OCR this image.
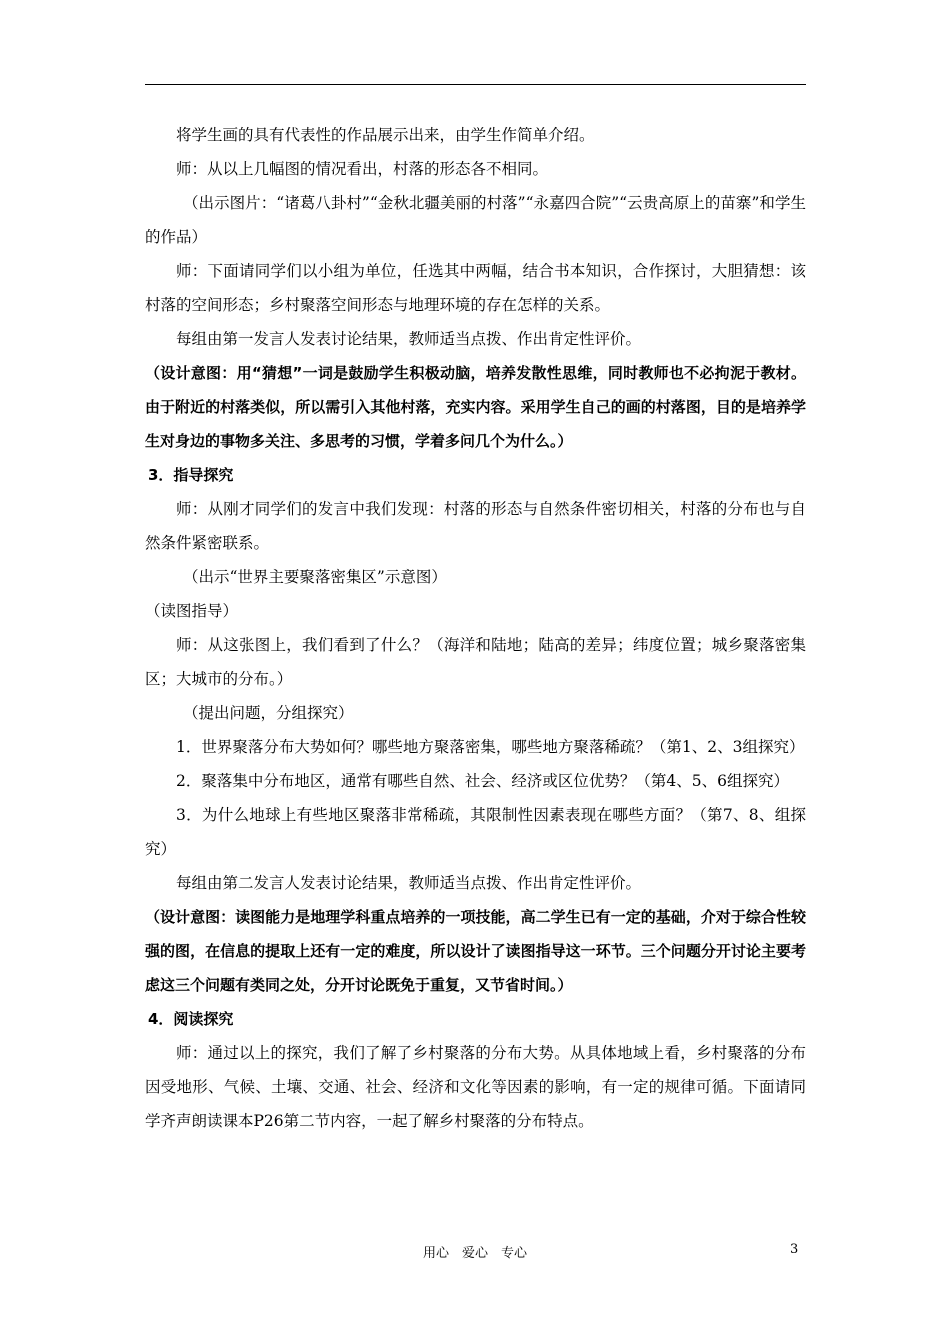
将学生画的具有代表性的作品展示出来，由学生作简单介绍。

师：从以上几幅图的情况看出，村落的形态各不相同。

（出示图片：“诸葛八卦村”“金秋北疆美丽的村落”“永嘉四合院”“云贵高原上的苗寨”和学生的作品）

师：下面请同学们以小组为单位，任选其中两幅，结合书本知识，合作探讨，大胆猜想：该村落的空间形态；乡村聚落空间形态与地理环境的存在怎样的关系。

每组由第一发言人发表讨论结果，教师适当点拨、作出肯定性评价。

（设计意图：用“猜想”一词是鼓励学生积极动脑，培养发散性思维，同时教师也不必拘泥于教材。由于附近的村落类似，所以需引入其他村落，充实内容。采用学生自己的画的村落图，目的是培养学生对身边的事物多关注、多思考的习惯，学着多问几个为什么。）

3．指导探究

师：从刚才同学们的发言中我们发现：村落的形态与自然条件密切相关，村落的分布也与自然条件紧密联系。

（出示“世界主要聚落密集区”示意图）

（读图指导）

师：从这张图上，我们看到了什么？（海洋和陆地；陆高的差异；纬度位置；城乡聚落密集区；大城市的分布。）

（提出问题，分组探究）

1．世界聚落分布大势如何？哪些地方聚落密集，哪些地方聚落稀疏？（第1、2、3组探究）

2．聚落集中分布地区，通常有哪些自然、社会、经济或区位优势？（第4、5、6组探究）

3．为什么地球上有些地区聚落非常稀疏，其限制性因素表现在哪些方面？（第7、8、组探究）

每组由第二发言人发表讨论结果，教师适当点拨、作出肯定性评价。

（设计意图：读图能力是地理学科重点培养的一项技能，高二学生已有一定的基础，介对于综合性较强的图，在信息的提取上还有一定的难度，所以设计了读图指导这一环节。三个问题分开讨论主要考虑这三个问题有类同之处，分开讨论既免于重复，又节省时间。）

4．阅读探究

师：通过以上的探究，我们了解了乡村聚落的分布大势。从具体地域上看，乡村聚落的分布因受地形、气候、土壤、交通、社会、经济和文化等因素的影响，有一定的规律可循。下面请同学齐声朗读课本P26第二节内容，一起了解乡村聚落的分布特点。

用心　爱心　专心	3
